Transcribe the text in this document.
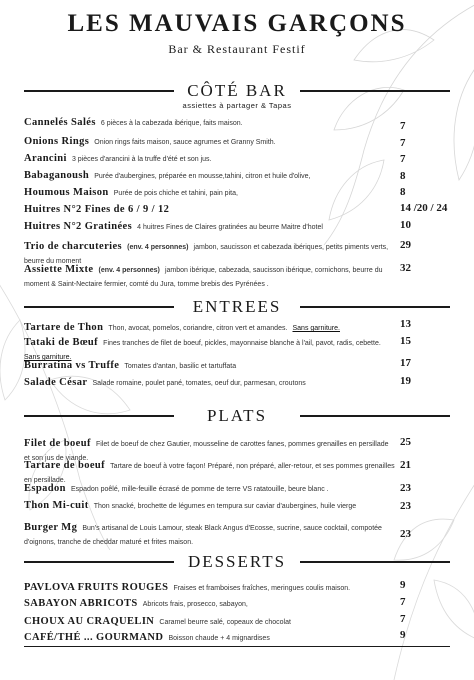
LES MAUVAIS GARÇONS
Bar & Restaurant Festif
CÔTÉ BAR
assiettes à partager & Tapas
Cannelés Salés 6 pièces à la cabezada ibérique, faits maison.	7
Onions Rings Onion rings faits maison, sauce agrumes et Granny Smith.	7
Arancini 3 pièces d'arancini à la truffe d'été et son jus.	7
Babaganoush Purée d'aubergines, préparée en mousse,tahini, citron et huile d'olive,	8
Houmous Maison Purée de pois chiche et tahini, pain pita,	8
Huitres N°2 Fines de 6 / 9 / 12	14 /20 / 24
Huitres N°2 Gratinées 4 huitres Fines de Claires gratinées au beurre Maitre d'hotel	10
Trio de charcuteries (env. 4 personnes) jambon, saucisson et cabezada ibériques, petits piments verts, beurre du moment
29
Assiette Mixte (env. 4 personnes) jambon ibérique, cabezada, saucisson ibérique, cornichons, beurre du moment & Saint-Nectaire fermier, comté du Jura, tomme brebis des Pyrénées .
32
ENTREES
Tartare de Thon Thon, avocat, pomelos, coriandre, citron vert et amandes. Sans garniture.	13
Tataki de Bœuf Fines tranches de filet de boeuf, pickles, mayonnaise blanche à l'ail, pavot, radis, cebette. Sans garniture.
15
Burratina vs Truffe Tomates d'antan, basilic et tartuffata	17
Salade César Salade romaine, poulet pané, tomates, oeuf dur, parmesan, croutons	19
PLATS
Filet de boeuf Filet de boeuf de chez Gautier, mousseline de carottes fanes, pommes grenailles en persillade et son jus de viande.
25
Tartare de boeuf Tartare de boeuf à votre façon! Préparé, non préparé, aller-retour, et ses pommes grenailles en persillade.
21
Espadon Espadon poêlé, mille-feuille écrasé de pomme de terre VS ratatouille, beure blanc .	23
Thon Mi-cuit Thon snacké, brochette de légumes en tempura sur caviar d'aubergines, huile vierge	23
Burger Mg Bun's artisanal de Louis Lamour, steak Black Angus d'Ecosse, sucrine, sauce cocktail, compotée d'oignons, tranche de cheddar maturé et frites maison.
23
DESSERTS
PAVLOVA FRUITS ROUGES Fraises et framboises fraîches, meringues coulis maison.	9
SABAYON ABRICOTS Abricots frais, prosecco, sabayon,	7
CHOUX AU CRAQUELIN Caramel beurre salé, copeaux de chocolat	7
CAFÉ/THÉ ... GOURMAND Boisson chaude + 4 mignardises	9
